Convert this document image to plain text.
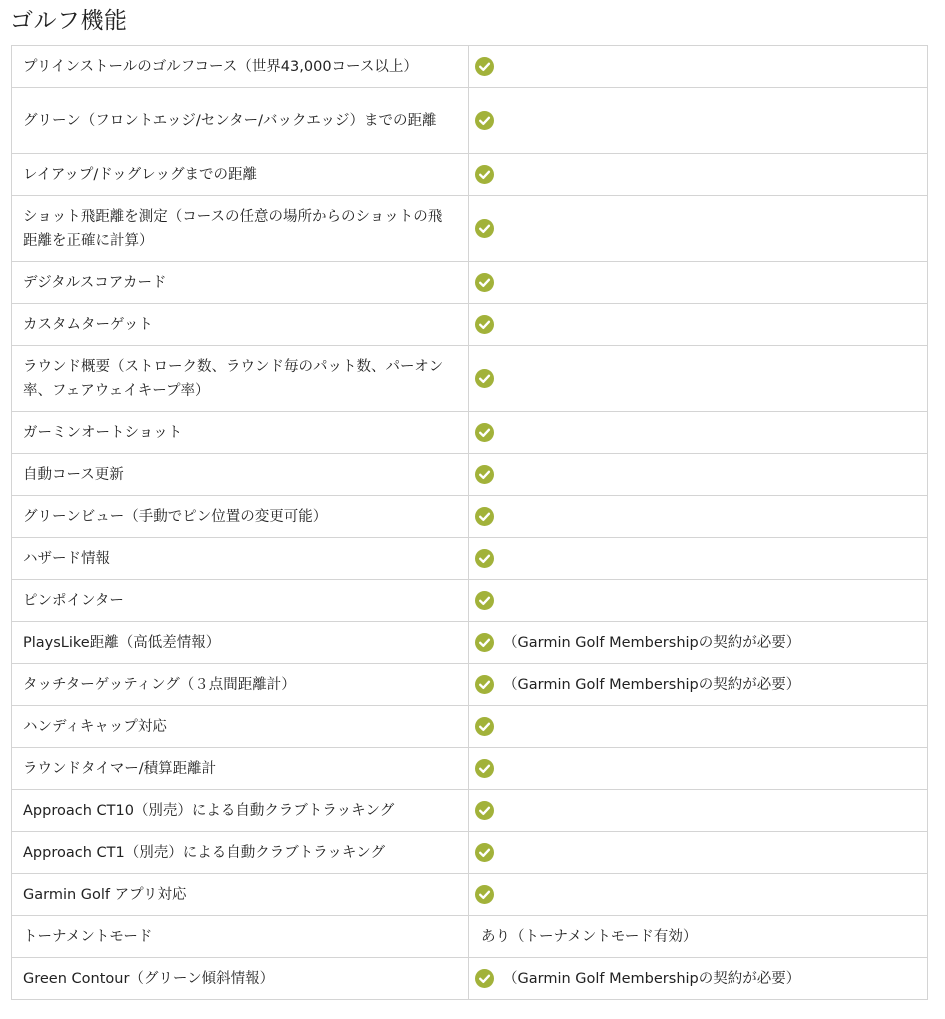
ゴルフ機能
プリインストールのゴルフコース（世界43,000コース以上）	

グリーン（フロントエッジ/センター/バックエッジ）までの距離	

レイアップ/ドッグレッグまでの距離	

ショット飛距離を測定（コースの任意の場所からのショットの飛距離を正確に計算）	

デジタルスコアカード	

カスタムターゲット	

ラウンド概要（ストローク数、ラウンド毎のパット数、パーオン率、フェアウェイキープ率）	

ガーミンオートショット	

自動コース更新	

グリーンビュー（手動でピン位置の変更可能）	

ハザード情報	

ピンポインター	

PlaysLike距離（高低差情報）	（Garmin Golf Membershipの契約が必要）

タッチターゲッティング（３点間距離計）	（Garmin Golf Membershipの契約が必要）

ハンディキャップ対応	

ラウンドタイマー/積算距離計	

Approach CT10（別売）による自動クラブトラッキング	

Approach CT1（別売）による自動クラブトラッキング	

Garmin Golf アプリ対応	

トーナメントモード	あり（トーナメントモード有効）

Green Contour（グリーン傾斜情報）	（Garmin Golf Membershipの契約が必要）
